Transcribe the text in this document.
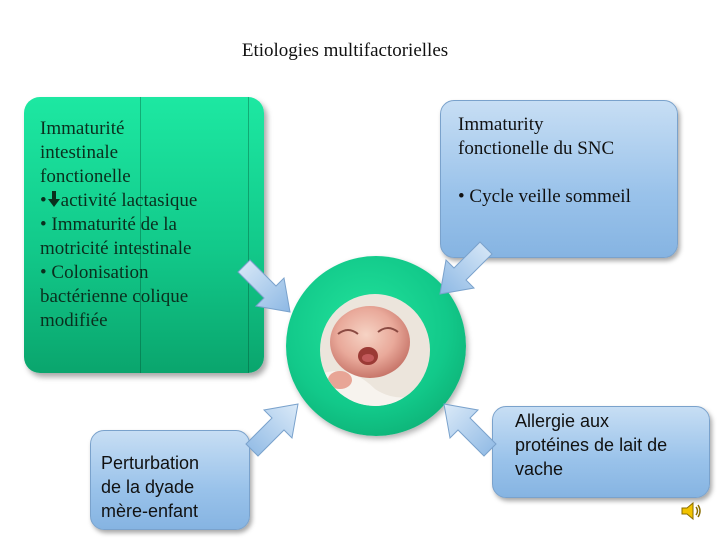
Etiologies multifactorielles
Immaturité
intestinale
fonctionelle
• activité lactasique
• Immaturité de la
motricité intestinale
• Colonisation
bactérienne colique
modifiée
Immaturity
fonctionelle du SNC
• Cycle veille sommeil
Perturbation
de la dyade
mère-enfant
Allergie aux
protéines de lait de
vache
